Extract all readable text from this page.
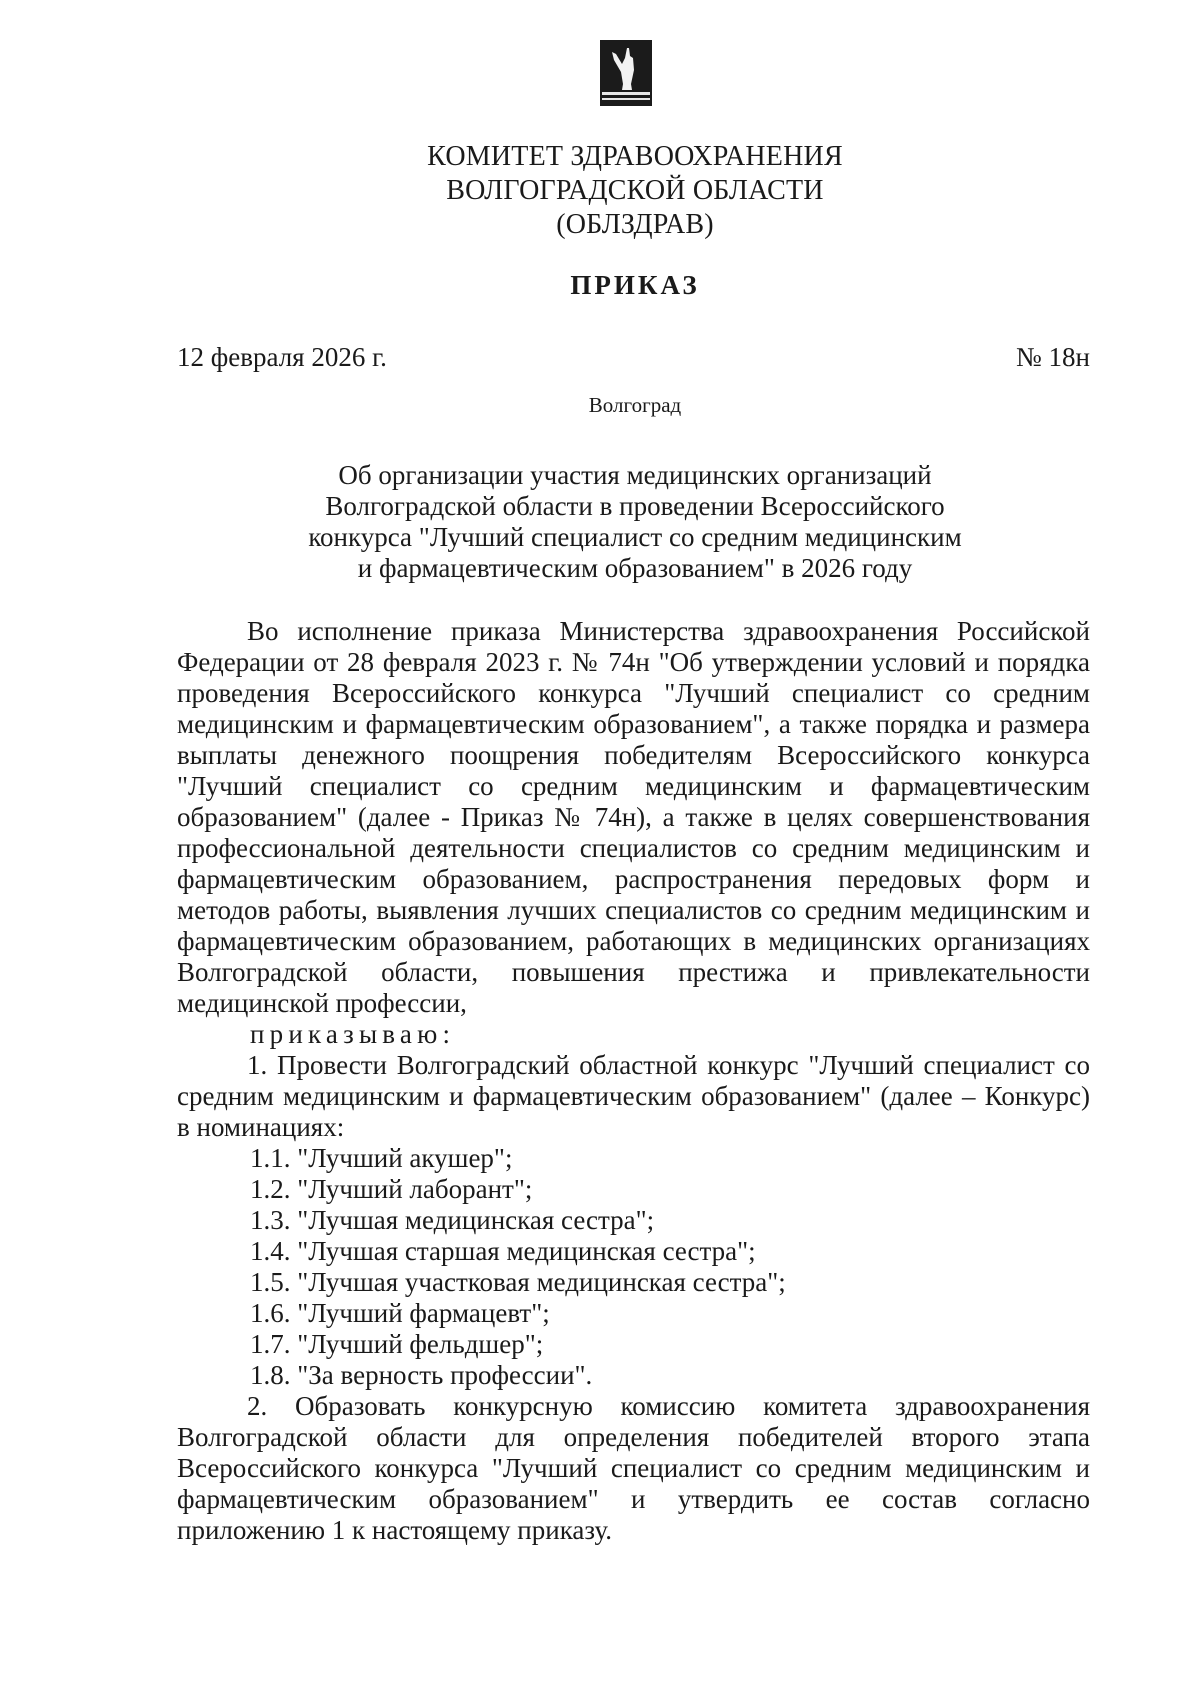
КОМИТЕТ ЗДРАВООХРАНЕНИЯ
ВОЛГОГРАДСКОЙ ОБЛАСТИ
(ОБЛЗДРАВ)
ПРИКАЗ
12 февраля 2026 г.	№ 18н
Волгоград
Об организации участия медицинских организаций
Волгоградской области в проведении Всероссийского
конкурса "Лучший специалист со средним медицинским
и фармацевтическим образованием" в 2026 году

Во исполнение приказа Министерства здравоохранения Российской Федерации от 28 февраля 2023 г. № 74н "Об утверждении условий и порядка проведения Всероссийского конкурса "Лучший специалист со средним медицинским и фармацевтическим образованием", а также порядка и размера выплаты денежного поощрения победителям Всероссийского конкурса "Лучший специалист со средним медицинским и фармацевтическим образованием" (далее - Приказ № 74н), а также в целях совершенствования профессиональной деятельности специалистов со средним медицинским и фармацевтическим образованием, распространения передовых форм и методов работы, выявления лучших специалистов со средним медицинским и фармацевтическим образованием, работающих в медицинских организациях Волгоградской области, повышения престижа и привлекательности медицинской профессии,

приказываю:

1. Провести Волгоградский областной конкурс "Лучший специалист со средним медицинским и фармацевтическим образованием" (далее – Конкурс) в номинациях:

1.1. "Лучший акушер";

1.2. "Лучший лаборант";

1.3. "Лучшая медицинская сестра";

1.4. "Лучшая старшая медицинская сестра";

1.5. "Лучшая участковая медицинская сестра";

1.6. "Лучший фармацевт";

1.7. "Лучший фельдшер";

1.8. "За верность профессии".

2. Образовать конкурсную комиссию комитета здравоохранения Волгоградской области для определения победителей второго этапа Всероссийского конкурса "Лучший специалист со средним медицинским и фармацевтическим образованием" и утвердить ее состав согласно приложению 1 к настоящему приказу.
